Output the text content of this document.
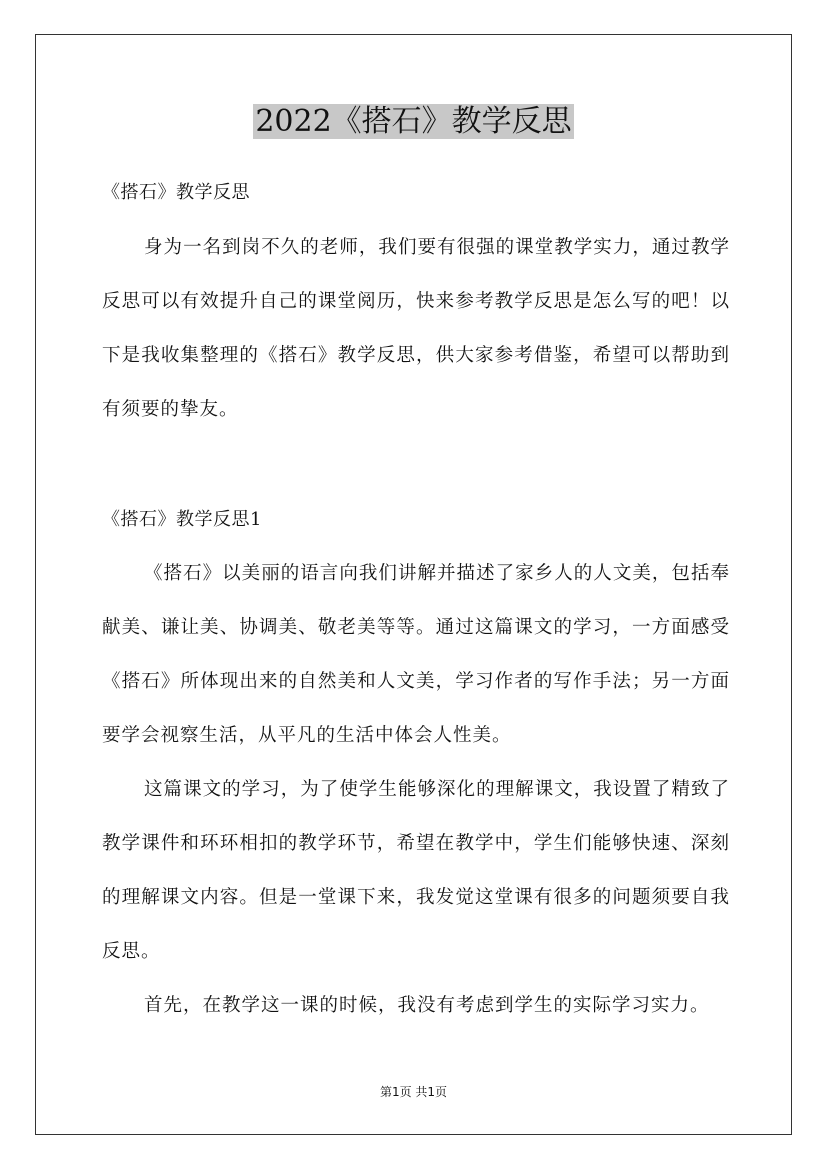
2022《搭石》教学反思
《搭石》教学反思
身为一名到岗不久的老师，我们要有很强的课堂教学实力，通过教学反思可以有效提升自己的课堂阅历，快来参考教学反思是怎么写的吧！以下是我收集整理的《搭石》教学反思，供大家参考借鉴，希望可以帮助到有须要的挚友。
《搭石》教学反思1
《搭石》以美丽的语言向我们讲解并描述了家乡人的人文美，包括奉献美、谦让美、协调美、敬老美等等。通过这篇课文的学习，一方面感受《搭石》所体现出来的自然美和人文美，学习作者的写作手法；另一方面要学会视察生活，从平凡的生活中体会人性美。
这篇课文的学习，为了使学生能够深化的理解课文，我设置了精致了教学课件和环环相扣的教学环节，希望在教学中，学生们能够快速、深刻的理解课文内容。但是一堂课下来，我发觉这堂课有很多的问题须要自我反思。
首先，在教学这一课的时候，我没有考虑到学生的实际学习实力。
第1页 共1页
